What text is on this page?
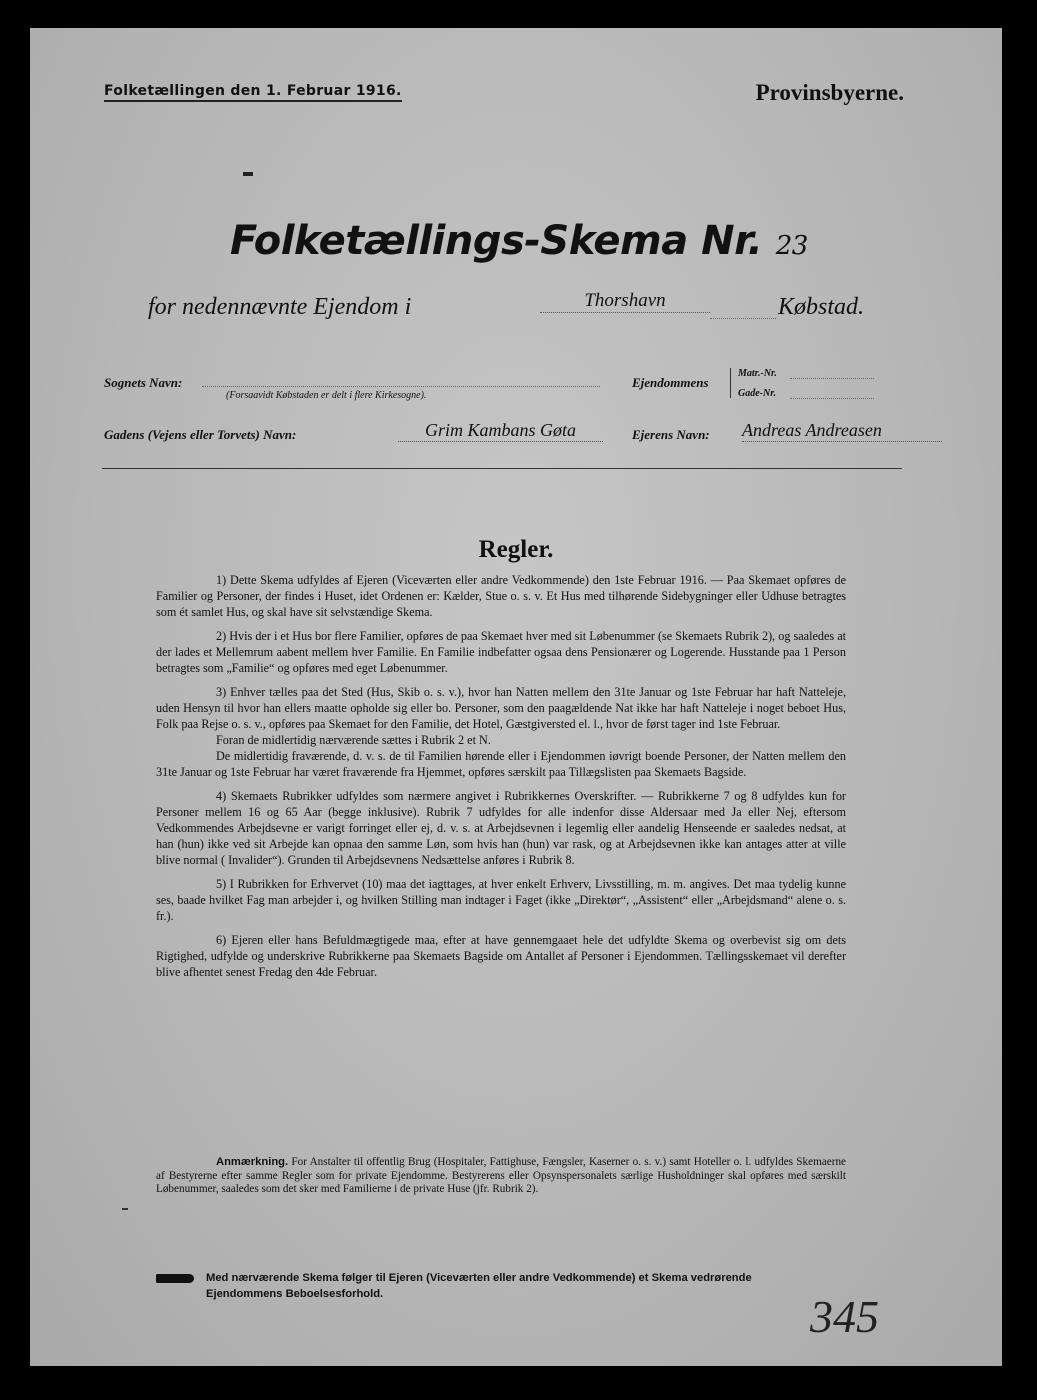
Folketællingen den 1. Februar 1916.	Provinsbyerne.
Folketællings-Skema Nr. 23
for nedennævnte Ejendom i	Thorshavn	Købstad.
Sognets Navn:
(Forsaavidt Købstaden er delt i flere Kirkesogne).
Ejendommens
Matr.-Nr.
Gade-Nr.
Gadens (Vejens eller Torvets) Navn:	Grim Kambans Gøta	Ejerens Navn: Andreas Andreasen
Regler.

1) Dette Skema udfyldes af Ejeren (Viceværten eller andre Vedkommende) den 1ste Februar 1916. — Paa Skemaet opføres de Familier og Personer, der findes i Huset, idet Ordenen er: Kælder, Stue o. s. v. Et Hus med tilhørende Sidebygninger eller Udhuse betragtes som ét samlet Hus, og skal have sit selvstændige Skema.

2) Hvis der i et Hus bor flere Familier, opføres de paa Skemaet hver med sit Løbenummer (se Skemaets Rubrik 2), og saaledes at der lades et Mellemrum aabent mellem hver Familie. En Familie indbefatter ogsaa dens Pensionærer og Logerende. Husstande paa 1 Person betragtes som „Familie“ og opføres med eget Løbenummer.

3) Enhver tælles paa det Sted (Hus, Skib o. s. v.), hvor han Natten mellem den 31te Januar og 1ste Februar har haft Natteleje, uden Hensyn til hvor han ellers maatte opholde sig eller bo. Personer, som den paagældende Nat ikke har haft Natteleje i noget beboet Hus, Folk paa Rejse o. s. v., opføres paa Skemaet for den Familie, det Hotel, Gæstgiversted el. l., hvor de først tager ind 1ste Februar.

Foran de midlertidig nærværende sættes i Rubrik 2 et N.

De midlertidig fraværende, d. v. s. de til Familien hørende eller i Ejendommen iøvrigt boende Personer, der Natten mellem den 31te Januar og 1ste Februar har været fraværende fra Hjemmet, opføres særskilt paa Tillægslisten paa Skemaets Bagside.

4) Skemaets Rubrikker udfyldes som nærmere angivet i Rubrikkernes Overskrifter. — Rubrikkerne 7 og 8 udfyldes kun for Personer mellem 16 og 65 Aar (begge inklusive). Rubrik 7 udfyldes for alle indenfor disse Aldersaar med Ja eller Nej, eftersom Vedkommendes Arbejdsevne er varigt forringet eller ej, d. v. s. at Arbejdsevnen i legemlig eller aandelig Henseende er saaledes nedsat, at han (hun) ikke ved sit Arbejde kan opnaa den samme Løn, som hvis han (hun) var rask, og at Arbejdsevnen ikke kan antages atter at ville blive normal ( Invalider“). Grunden til Arbejdsevnens Nedsættelse anføres i Rubrik 8.

5) I Rubrikken for Erhvervet (10) maa det iagttages, at hver enkelt Erhverv, Livsstilling, m. m. angives. Det maa tydelig kunne ses, baade hvilket Fag man arbejder i, og hvilken Stilling man indtager i Faget (ikke „Direktør“, „Assistent“ eller „Arbejdsmand“ alene o. s. fr.).

6) Ejeren eller hans Befuldmægtigede maa, efter at have gennemgaaet hele det udfyldte Skema og overbevist sig om dets Rigtighed, udfylde og underskrive Rubrikkerne paa Skemaets Bagside om Antallet af Personer i Ejendommen. Tællingsskemaet vil derefter blive afhentet senest Fredag den 4de Februar.

Anmærkning. For Anstalter til offentlig Brug (Hospitaler, Fattighuse, Fængsler, Kaserner o. s. v.) samt Hoteller o. l. udfyldes Skemaerne af Bestyrerne efter samme Regler som for private Ejendomme. Bestyrerens eller Opsynspersonalets særlige Husholdninger skal opføres med særskilt Løbenummer, saaledes som det sker med Familierne i de private Huse (jfr. Rubrik 2).
Med nærværende Skema følger til Ejeren (Viceværten eller andre Vedkommende) et Skema vedrørende
Ejendommens Beboelsesforhold.	345
